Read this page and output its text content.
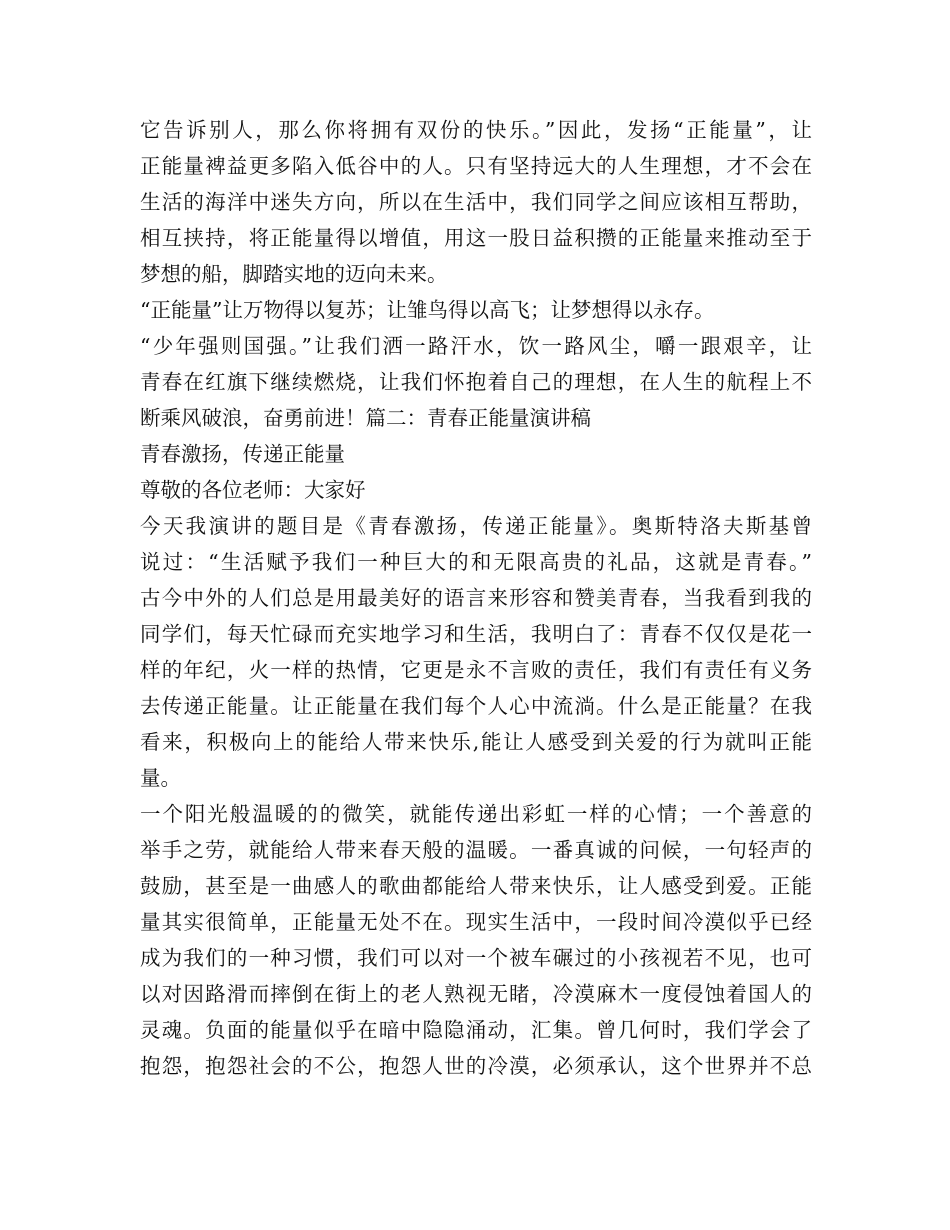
它告诉别人，那么你将拥有双份的快乐。”因此，发扬“正能量”，让
正能量裨益更多陷入低谷中的人。只有坚持远大的人生理想，才不会在
生活的海洋中迷失方向，所以在生活中，我们同学之间应该相互帮助，
相互挟持，将正能量得以增值，用这一股日益积攒的正能量来推动至于
梦想的船，脚踏实地的迈向未来。
“正能量”让万物得以复苏；让雏鸟得以高飞；让梦想得以永存。
“少年强则国强。”让我们洒一路汗水，饮一路风尘，嚼一跟艰辛，让
青春在红旗下继续燃烧，让我们怀抱着自己的理想，在人生的航程上不
断乘风破浪，奋勇前进！篇二：青春正能量演讲稿
青春激扬，传递正能量
尊敬的各位老师：大家好
今天我演讲的题目是《青春激扬，传递正能量》。奥斯特洛夫斯基曾
说过：“生活赋予我们一种巨大的和无限高贵的礼品，这就是青春。”
古今中外的人们总是用最美好的语言来形容和赞美青春，当我看到我的
同学们，每天忙碌而充实地学习和生活，我明白了：青春不仅仅是花一
样的年纪，火一样的热情，它更是永不言败的责任，我们有责任有义务
去传递正能量。让正能量在我们每个人心中流淌。什么是正能量？在我
看来，积极向上的能给人带来快乐,能让人感受到关爱的行为就叫正能
量。
一个阳光般温暖的的微笑，就能传递出彩虹一样的心情；一个善意的
举手之劳，就能给人带来春天般的温暖。一番真诚的问候，一句轻声的
鼓励，甚至是一曲感人的歌曲都能给人带来快乐，让人感受到爱。正能
量其实很简单，正能量无处不在。现实生活中，一段时间冷漠似乎已经
成为我们的一种习惯，我们可以对一个被车碾过的小孩视若不见，也可
以对因路滑而摔倒在街上的老人熟视无睹，冷漠麻木一度侵蚀着国人的
灵魂。负面的能量似乎在暗中隐隐涌动，汇集。曾几何时，我们学会了
抱怨，抱怨社会的不公，抱怨人世的冷漠，必须承认，这个世界并不总
